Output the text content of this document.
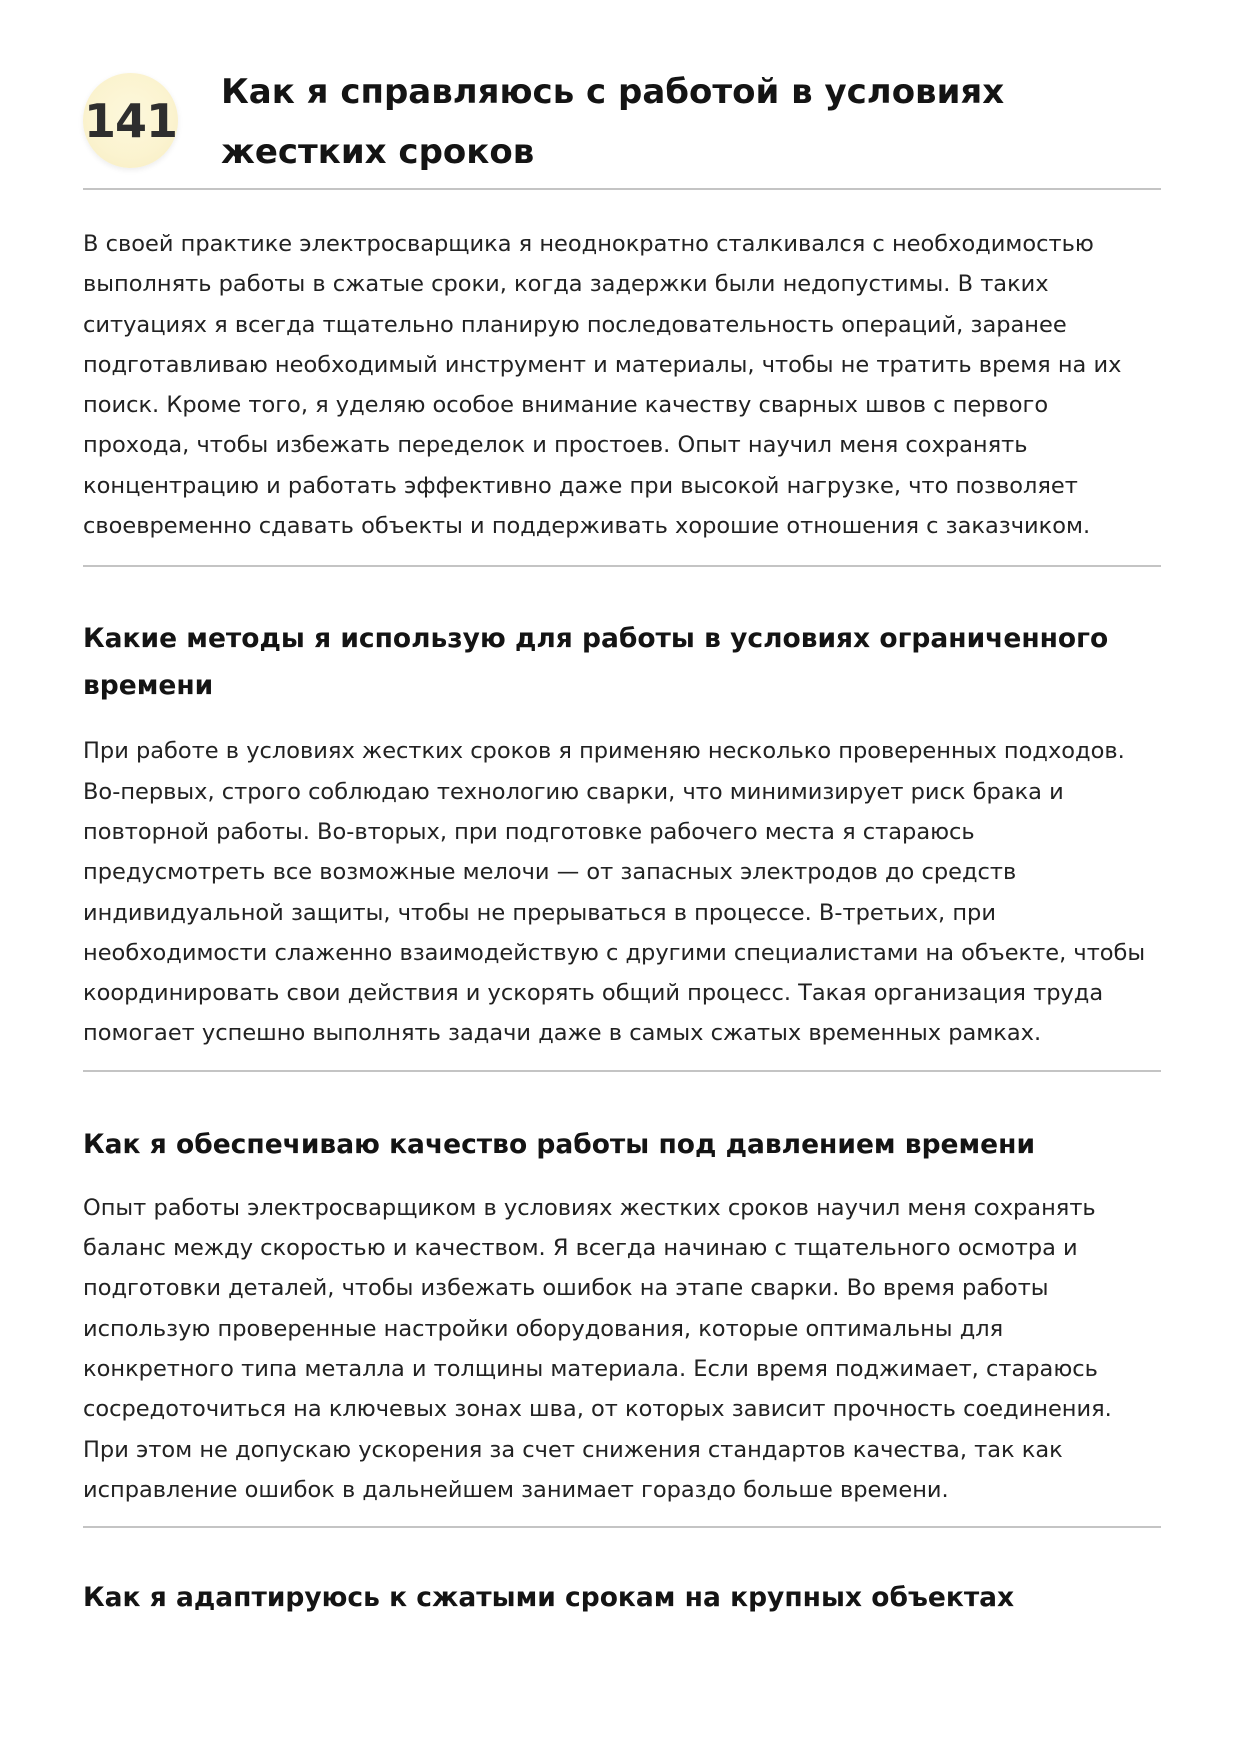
141
Как я справляюсь с работой в условиях жестких сроков

В своей практике электросварщика я неоднократно сталкивался с необходимостью выполнять работы в сжатые сроки, когда задержки были недопустимы. В таких ситуациях я всегда тщательно планирую последовательность операций, заранее подготавливаю необходимый инструмент и материалы, чтобы не тратить время на их поиск. Кроме того, я уделяю особое внимание качеству сварных швов с первого прохода, чтобы избежать переделок и простоев. Опыт научил меня сохранять концентрацию и работать эффективно даже при высокой нагрузке, что позволяет своевременно сдавать объекты и поддерживать хорошие отношения с заказчиком.

Какие методы я использую для работы в условиях ограниченного времени

При работе в условиях жестких сроков я применяю несколько проверенных подходов. Во-первых, строго соблюдаю технологию сварки, что минимизирует риск брака и повторной работы. Во-вторых, при подготовке рабочего места я стараюсь предусмотреть все возможные мелочи — от запасных электродов до средств индивидуальной защиты, чтобы не прерываться в процессе. В-третьих, при необходимости слаженно взаимодействую с другими специалистами на объекте, чтобы координировать свои действия и ускорять общий процесс. Такая организация труда помогает успешно выполнять задачи даже в самых сжатых временных рамках.

Как я обеспечиваю качество работы под давлением времени

Опыт работы электросварщиком в условиях жестких сроков научил меня сохранять баланс между скоростью и качеством. Я всегда начинаю с тщательного осмотра и подготовки деталей, чтобы избежать ошибок на этапе сварки. Во время работы использую проверенные настройки оборудования, которые оптимальны для конкретного типа металла и толщины материала. Если время поджимает, стараюсь сосредоточиться на ключевых зонах шва, от которых зависит прочность соединения. При этом не допускаю ускорения за счет снижения стандартов качества, так как исправление ошибок в дальнейшем занимает гораздо больше времени.

Как я адаптируюсь к сжатыми срокам на крупных объектах
